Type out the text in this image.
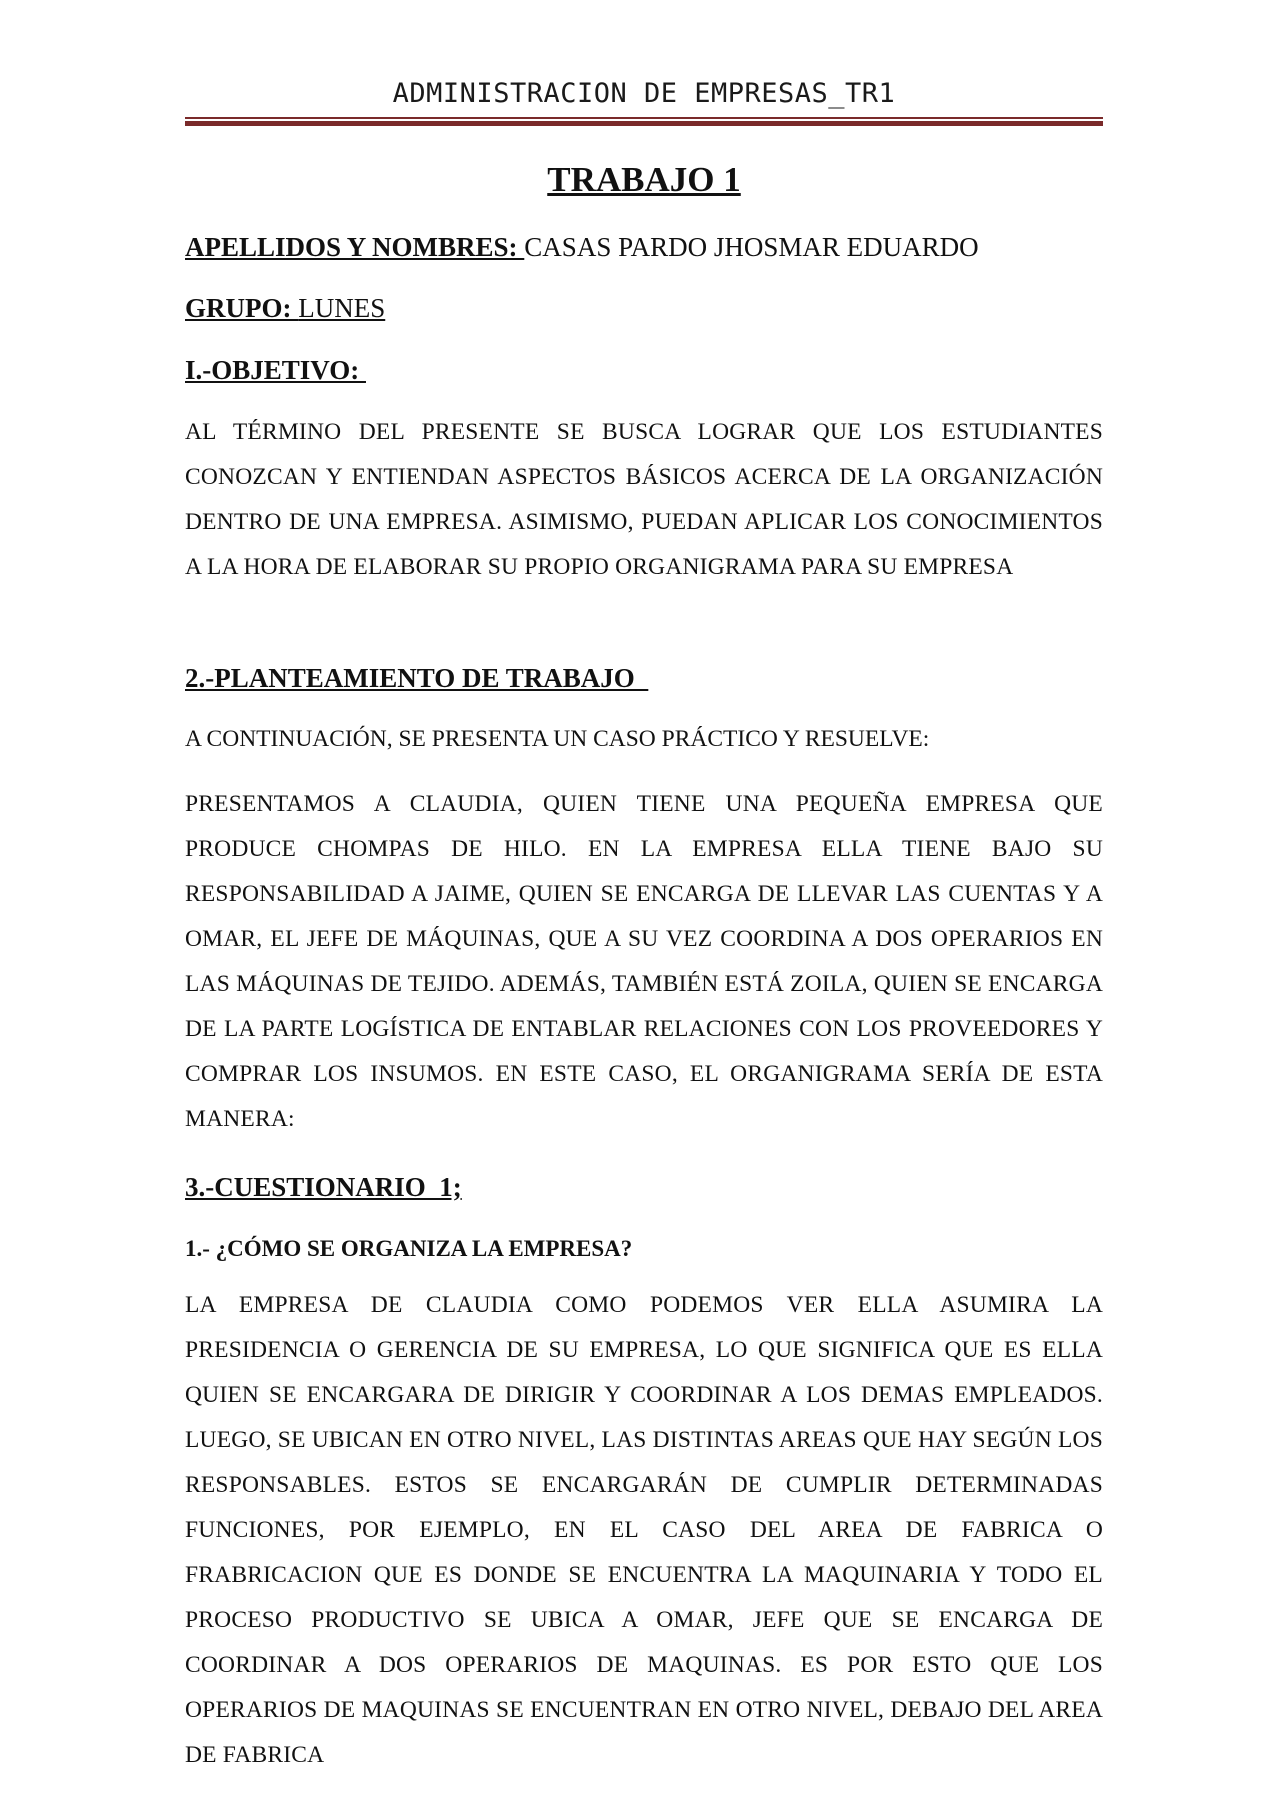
ADMINISTRACION DE EMPRESAS_TR1
TRABAJO 1
APELLIDOS Y NOMBRES: CASAS PARDO JHOSMAR EDUARDO
GRUPO: LUNES
I.-OBJETIVO:
AL TÉRMINO DEL PRESENTE SE BUSCA LOGRAR QUE LOS ESTUDIANTES CONOZCAN Y ENTIENDAN ASPECTOS BÁSICOS ACERCA DE LA ORGANIZACIÓN DENTRO DE UNA EMPRESA. ASIMISMO, PUEDAN APLICAR LOS CONOCIMIENTOS A LA HORA DE ELABORAR SU PROPIO ORGANIGRAMA PARA SU EMPRESA
2.-PLANTEAMIENTO DE TRABAJO
A CONTINUACIÓN, SE PRESENTA UN CASO PRÁCTICO Y RESUELVE:
PRESENTAMOS A CLAUDIA, QUIEN TIENE UNA PEQUEÑA EMPRESA QUE PRODUCE CHOMPAS DE HILO. EN LA EMPRESA ELLA TIENE BAJO SU RESPONSABILIDAD A JAIME, QUIEN SE ENCARGA DE LLEVAR LAS CUENTAS Y A OMAR, EL JEFE DE MÁQUINAS, QUE A SU VEZ COORDINA A DOS OPERARIOS EN LAS MÁQUINAS DE TEJIDO. ADEMÁS, TAMBIÉN ESTÁ ZOILA, QUIEN SE ENCARGA DE LA PARTE LOGÍSTICA DE ENTABLAR RELACIONES CON LOS PROVEEDORES Y COMPRAR LOS INSUMOS. EN ESTE CASO, EL ORGANIGRAMA SERÍA DE ESTA MANERA:
3.-CUESTIONARIO  1;
1.- ¿CÓMO SE ORGANIZA LA EMPRESA?
LA EMPRESA DE CLAUDIA COMO PODEMOS VER ELLA ASUMIRA LA PRESIDENCIA O GERENCIA DE SU EMPRESA, LO QUE SIGNIFICA QUE ES ELLA QUIEN SE ENCARGARA DE DIRIGIR Y COORDINAR A LOS DEMAS EMPLEADOS. LUEGO, SE UBICAN EN OTRO NIVEL, LAS DISTINTAS AREAS QUE HAY SEGÚN LOS RESPONSABLES. ESTOS SE ENCARGARÁN DE CUMPLIR DETERMINADAS FUNCIONES, POR EJEMPLO, EN EL CASO DEL AREA DE FABRICA O FRABRICACION QUE ES DONDE SE ENCUENTRA LA MAQUINARIA Y TODO EL PROCESO PRODUCTIVO SE UBICA A OMAR, JEFE QUE SE ENCARGA DE COORDINAR A DOS OPERARIOS DE MAQUINAS. ES POR ESTO QUE LOS OPERARIOS DE MAQUINAS SE ENCUENTRAN EN OTRO NIVEL, DEBAJO DEL AREA DE FABRICA
